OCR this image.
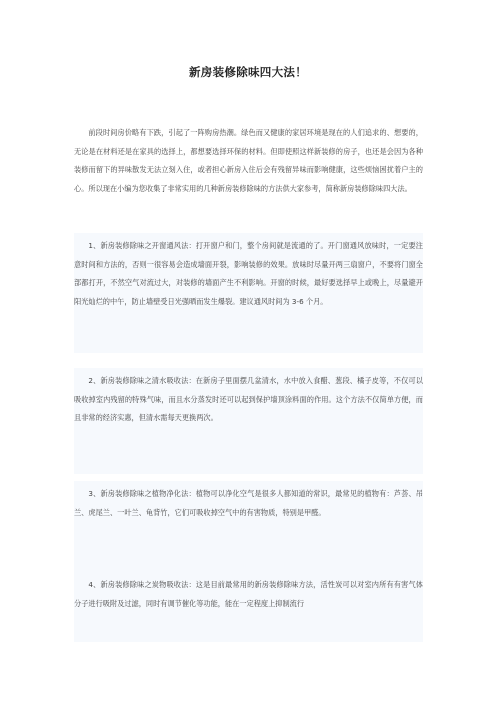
新房装修除味四大法！

前段时间房价略有下跌，引起了一阵购房热潮。绿色而又健康的家居环境是现在的人们追求的、想要的，无论是在材料还是在家具的选择上，都想要选择环保的材料。但即使照这样新装修的房子，也还是会因为各种装修而留下的异味散发无法立刻入住，或者担心新房入住后会有残留异味而影响健康，这些烦恼困扰着户主的心。所以现在小编为您收集了非常实用的几种新房装修除味的方法供大家参考，简称新房装修除味四大法。

1、新房装修除味之开窗通风法：打开窗户和门，整个房间就是流通的了。开门窗通风放味时，一定要注意时间和方法的，否则一很容易会造成墙面开裂，影响装修的效果。放味时尽量开两三扇窗户，不要将门窗全部都打开，不然空气对流过大，对装修的墙面产生不利影响。开窗的时候，最好要选择早上或晚上，尽量避开阳光灿烂的中午，防止墙壁受日光强晒而发生爆裂。建议通风时间为 3-6 个月。

2、新房装修除味之清水吸收法：在新房子里面摆几盆清水，水中放入食醋、葱段、橘子皮等，不仅可以吸收掉室内残留的特殊气味，而且水分蒸发时还可以起到保护墙顶涂料面的作用。这个方法不仅简单方便，而且非常的经济实惠，但清水需每天更换两次。

3、新房装修除味之植物净化法：植物可以净化空气是很多人都知道的常识，最常见的植物有：芦荟、吊兰、虎尾兰、一叶兰、龟背竹，它们可吸收掉空气中的有害物质，特别是甲醛。

4、新房装修除味之炭物吸收法：这是目前最常用的新房装修除味方法，活性炭可以对室内所有有害气体分子进行吸附及过滤，同时有调节催化等功能，能在一定程度上抑制流行
